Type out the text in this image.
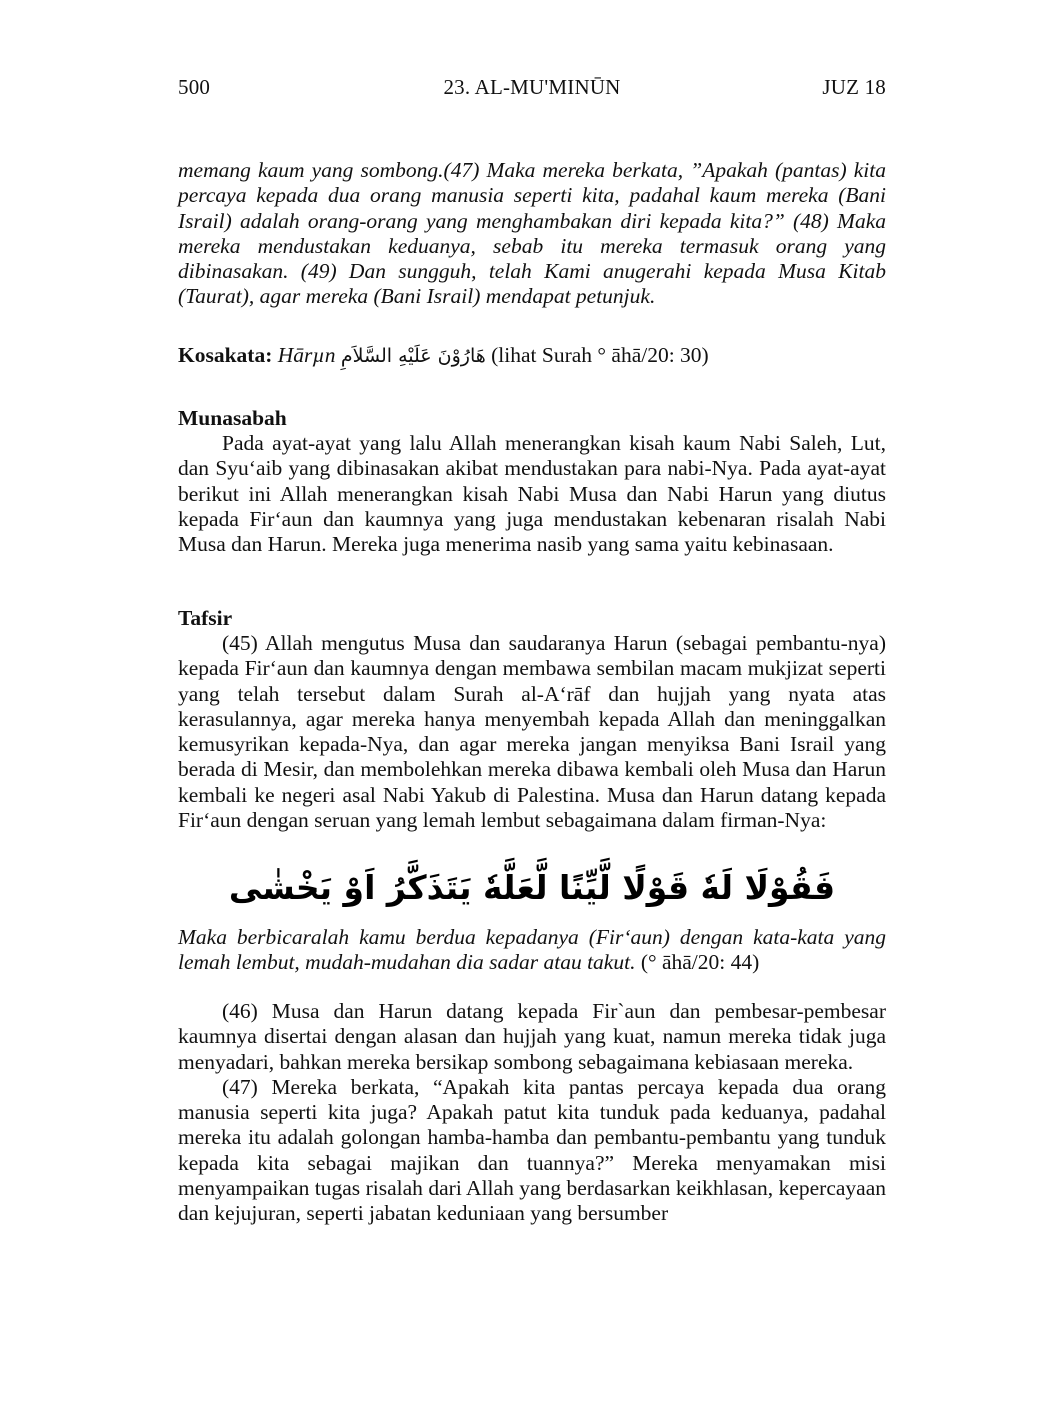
500	23. AL-MU'MINŪN	JUZ 18

memang kaum yang sombong.(47) Maka mereka berkata, ”Apakah (pantas) kita percaya kepada dua orang manusia seperti kita, padahal kaum mereka (Bani Israil) adalah orang-orang yang menghambakan diri kepada kita?” (48) Maka mereka mendustakan keduanya, sebab itu mereka termasuk orang yang dibinasakan. (49) Dan sungguh, telah Kami anugerahi kepada Musa Kitab (Taurat), agar mereka (Bani Israil) mendapat petunjuk.

Kosakata: Hārµn هَارُوْنَ عَلَيْهِ السَّلاَمِ (lihat Surah ° āhā/20: 30)
Munasabah

Pada ayat-ayat yang lalu Allah menerangkan kisah kaum Nabi Saleh, Lut, dan Syu‘aib yang dibinasakan akibat mendustakan para nabi-Nya. Pada ayat-ayat berikut ini Allah menerangkan kisah Nabi Musa dan Nabi Harun yang diutus kepada Fir‘aun dan kaumnya yang juga mendustakan kebenaran risalah Nabi Musa dan Harun. Mereka juga menerima nasib yang sama yaitu kebinasaan.

Tafsir

(45) Allah mengutus Musa dan saudaranya Harun (sebagai pembantu-nya) kepada Fir‘aun dan kaumnya dengan membawa sembilan macam mukjizat seperti yang telah tersebut dalam Surah al-A‘rāf dan hujjah yang nyata atas kerasulannya, agar mereka hanya menyembah kepada Allah dan meninggalkan kemusyrikan kepada-Nya, dan agar mereka jangan menyiksa Bani Israil yang berada di Mesir, dan membolehkan mereka dibawa kembali oleh Musa dan Harun kembali ke negeri asal Nabi Yakub di Palestina. Musa dan Harun datang kepada Fir‘aun dengan seruan yang lemah lembut sebagaimana dalam firman-Nya:

فَقُوْلَا لَهٗ قَوْلًا لَّيِّنًا لَّعَلَّهٗ يَتَذَكَّرُ اَوْ يَخْشٰى

Maka berbicaralah kamu berdua kepadanya (Fir‘aun) dengan kata-kata yang lemah lembut, mudah-mudahan dia sadar atau takut. (° āhā/20: 44)

(46) Musa dan Harun datang kepada Fir`aun dan pembesar-pembesar kaumnya disertai dengan alasan dan hujjah yang kuat, namun mereka tidak juga menyadari, bahkan mereka bersikap sombong sebagaimana kebiasaan mereka.

(47) Mereka berkata, “Apakah kita pantas percaya kepada dua orang manusia seperti kita juga? Apakah patut kita tunduk pada keduanya, padahal mereka itu adalah golongan hamba-hamba dan pembantu-pembantu yang tunduk kepada kita sebagai majikan dan tuannya?” Mereka menyamakan misi menyampaikan tugas risalah dari Allah yang berdasarkan keikhlasan, kepercayaan dan kejujuran, seperti jabatan keduniaan yang bersumber
